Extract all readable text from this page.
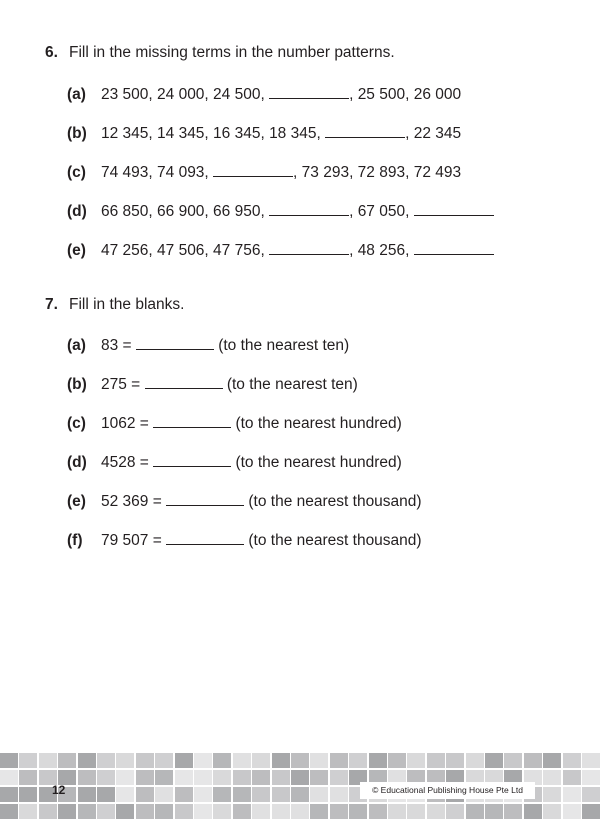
6. Fill in the missing terms in the number patterns.
(a) 23 500, 24 000, 24 500,	, 25 500, 26 000
(b) 12 345, 14 345, 16 345, 18 345,	, 22 345
(c) 74 493, 74 093,	, 73 293, 72 893, 72 493
(d) 66 850, 66 900, 66 950,	, 67 050,
(e) 47 256, 47 506, 47 756,	, 48 256,
7. Fill in the blanks.
(a) 83 =	(to the nearest ten)
(b) 275 =	(to the nearest ten)
(c) 1062 =	(to the nearest hundred)
(d) 4528 =	(to the nearest hundred)
(e) 52 369 =	(to the nearest thousand)
(f)	79 507 =	(to the nearest thousand)
12	© Educational Publishing House Pte Ltd
